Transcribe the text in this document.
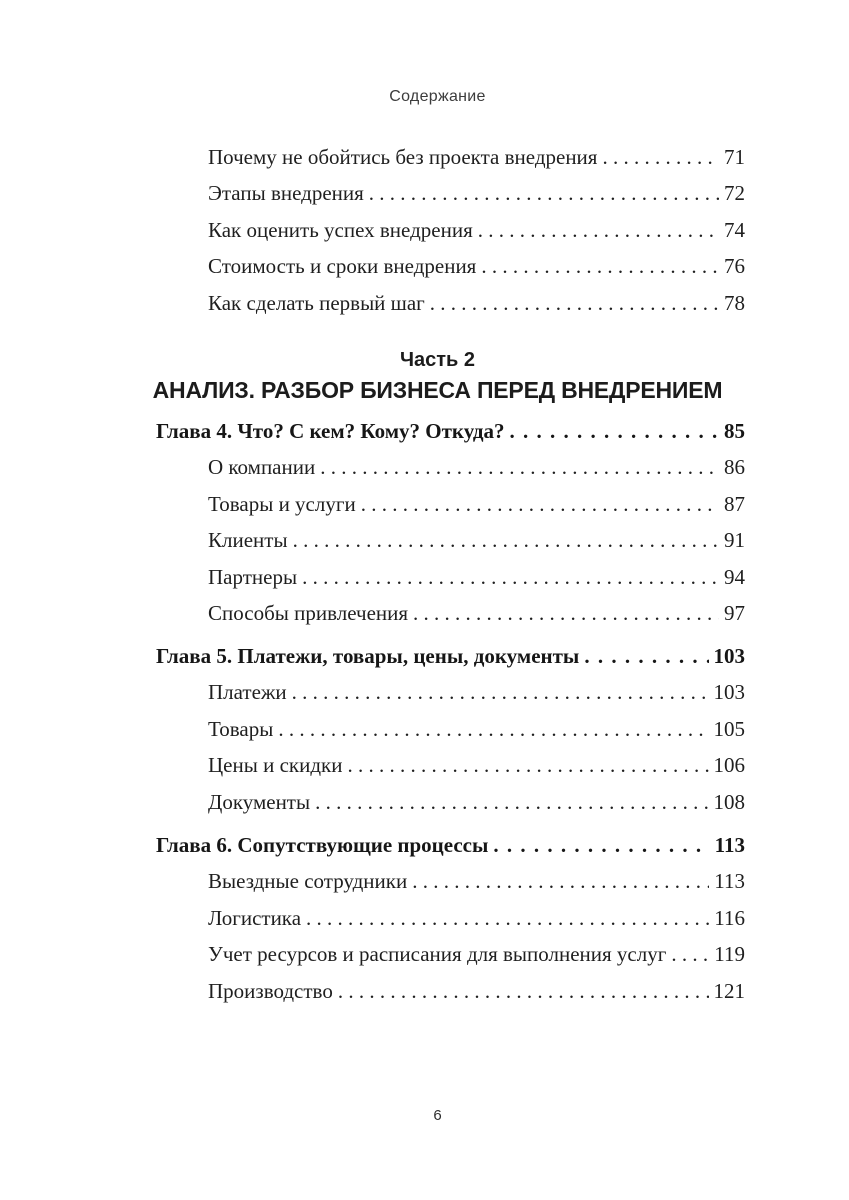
Содержание
Почему не обойтись без проекта внедрения . . .	71
Этапы внедрения . . .	72
Как оценить успех внедрения . . .	74
Стоимость и сроки внедрения . . .	76
Как сделать первый шаг . . .	78
Часть 2
АНАЛИЗ. РАЗБОР БИЗНЕСА ПЕРЕД ВНЕДРЕНИЕМ
Глава 4. Что? С кем? Кому? Откуда? . . .	85
О компании . . .	86
Товары и услуги . . .	87
Клиенты . . .	91
Партнеры . . .	94
Способы привлечения . . .	97
Глава 5. Платежи, товары, цены, документы . . .	103
Платежи . . .	103
Товары . . .	105
Цены и скидки . . .	106
Документы . . .	108
Глава 6. Сопутствующие процессы . . .	113
Выездные сотрудники . . .	113
Логистика . . .	116
Учет ресурсов и расписания для выполнения услуг . . . 119
Производство . . .	121
6
